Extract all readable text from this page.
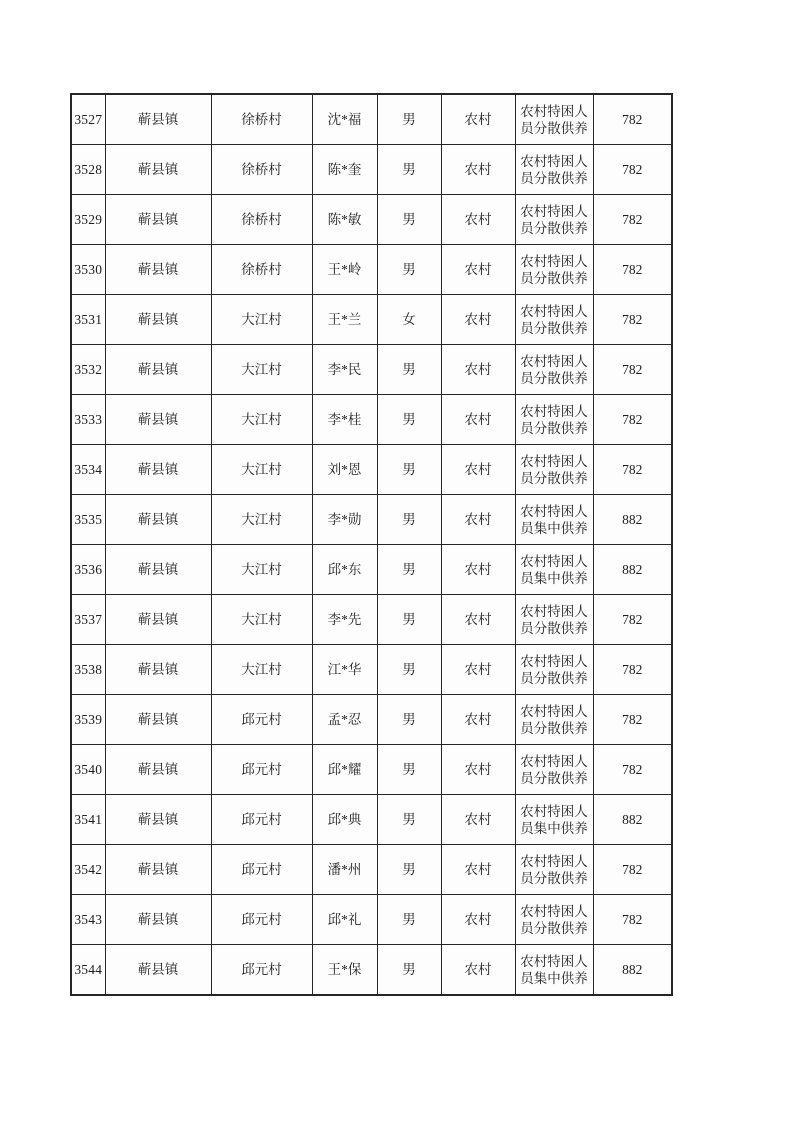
3527	蕲县镇	徐桥村	沈*福	男	农村	农村特困人员分散供养	782
3528	蕲县镇	徐桥村	陈*奎	男	农村	农村特困人员分散供养	782
3529	蕲县镇	徐桥村	陈*敏	男	农村	农村特困人员分散供养	782
3530	蕲县镇	徐桥村	王*岭	男	农村	农村特困人员分散供养	782
3531	蕲县镇	大江村	王*兰	女	农村	农村特困人员分散供养	782
3532	蕲县镇	大江村	李*民	男	农村	农村特困人员分散供养	782
3533	蕲县镇	大江村	李*桂	男	农村	农村特困人员分散供养	782
3534	蕲县镇	大江村	刘*恩	男	农村	农村特困人员分散供养	782
3535	蕲县镇	大江村	李*勋	男	农村	农村特困人员集中供养	882
3536	蕲县镇	大江村	邱*东	男	农村	农村特困人员集中供养	882
3537	蕲县镇	大江村	李*先	男	农村	农村特困人员分散供养	782
3538	蕲县镇	大江村	江*华	男	农村	农村特困人员分散供养	782
3539	蕲县镇	邱元村	孟*忍	男	农村	农村特困人员分散供养	782
3540	蕲县镇	邱元村	邱*耀	男	农村	农村特困人员分散供养	782
3541	蕲县镇	邱元村	邱*典	男	农村	农村特困人员集中供养	882
3542	蕲县镇	邱元村	潘*州	男	农村	农村特困人员分散供养	782
3543	蕲县镇	邱元村	邱*礼	男	农村	农村特困人员分散供养	782
3544	蕲县镇	邱元村	王*保	男	农村	农村特困人员集中供养	882
